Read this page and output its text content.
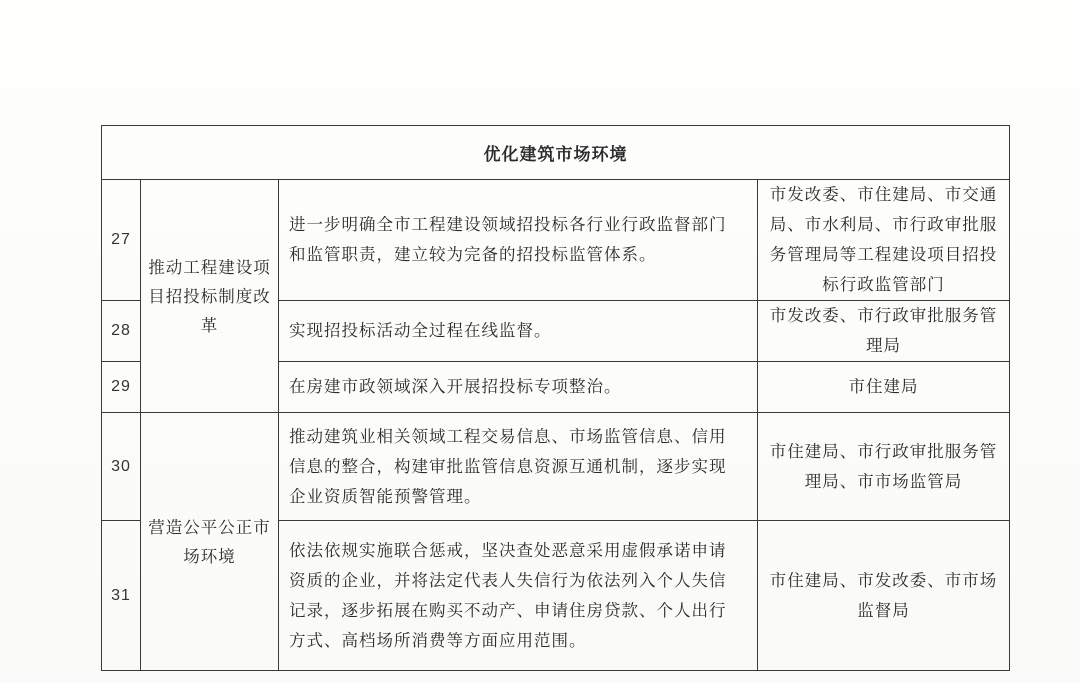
优化建筑市场环境			
27	推动工程建设项目招投标制度改革	进一步明确全市工程建设领域招投标各行业行政监督部门和监管职责，建立较为完备的招投标监管体系。	市发改委、市住建局、市交通局、市水利局、市行政审批服务管理局等工程建设项目招投标行政监管部门
28		实现招投标活动全过程在线监督。	市发改委、市行政审批服务管理局
29		在房建市政领域深入开展招投标专项整治。	市住建局
30	营造公平公正市场环境	推动建筑业相关领域工程交易信息、市场监管信息、信用信息的整合，构建审批监管信息资源互通机制，逐步实现企业资质智能预警管理。	市住建局、市行政审批服务管理局、市市场监管局
31		依法依规实施联合惩戒，坚决查处恶意采用虚假承诺申请资质的企业，并将法定代表人失信行为依法列入个人失信记录，逐步拓展在购买不动产、申请住房贷款、个人出行方式、高档场所消费等方面应用范围。	市住建局、市发改委、市市场监督局
